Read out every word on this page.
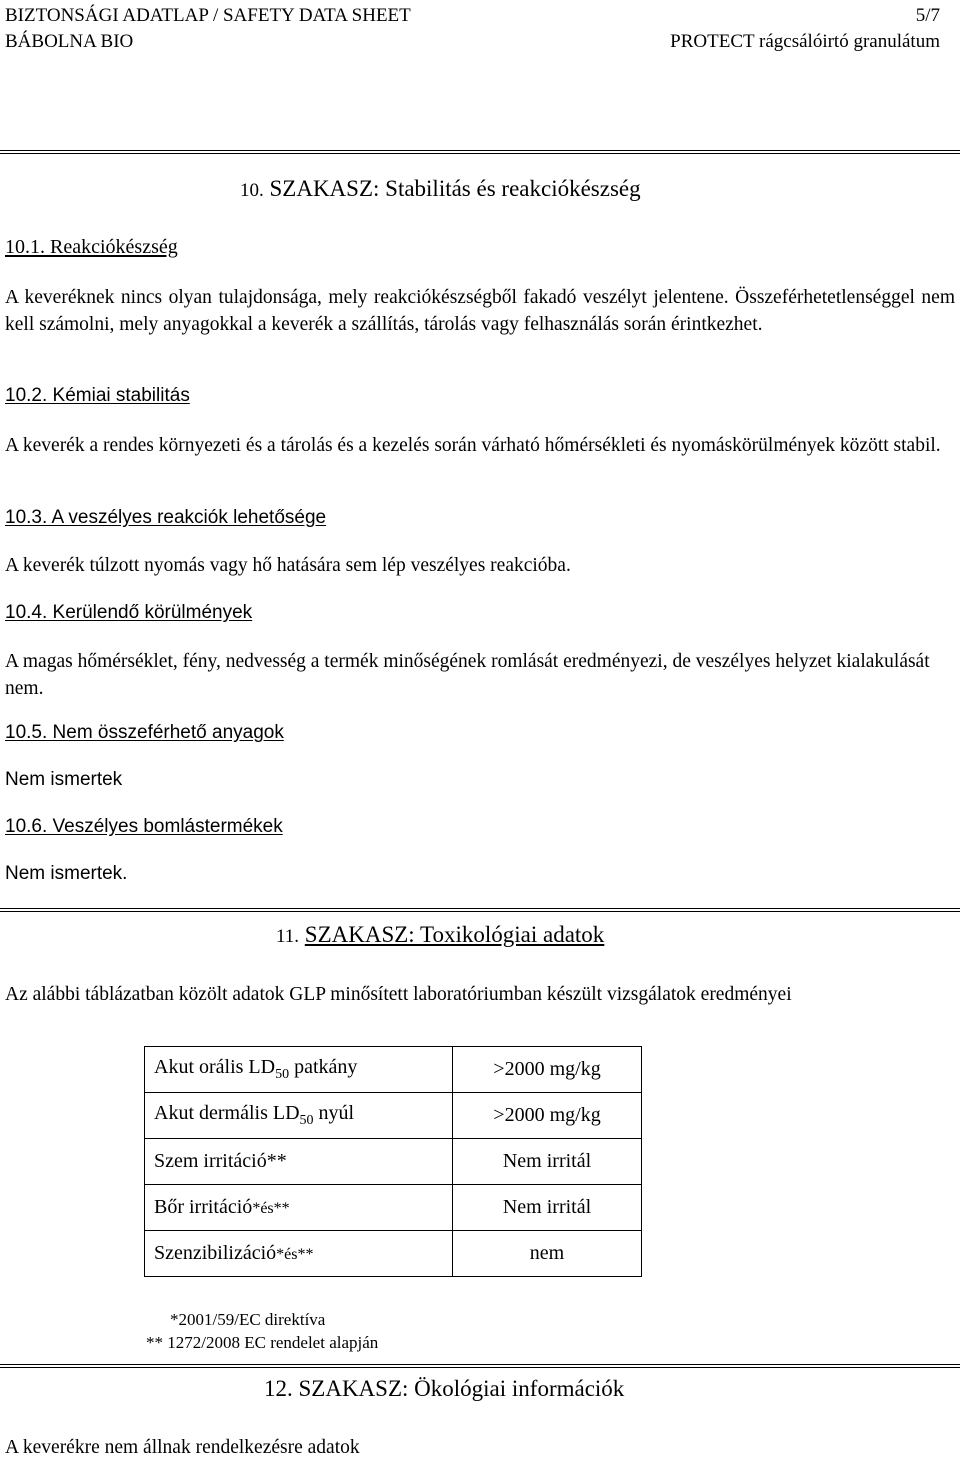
BIZTONSÁGI ADATLAP / SAFETY DATA SHEET	5/7
BÁBOLNA BIO	PROTECT rágcsálóirtó granulátum
10. SZAKASZ: Stabilitás és reakciókészség
10.1. Reakciókészség
A keveréknek nincs olyan tulajdonsága, mely reakciókészségből fakadó veszélyt jelentene. Összeférhetetlenséggel nem kell számolni, mely anyagokkal a keverék a szállítás, tárolás vagy felhasználás során érintkezhet.
10.2. Kémiai stabilitás
A keverék a rendes környezeti és a tárolás és a kezelés során várható hőmérsékleti és nyomáskörülmények között stabil.
10.3. A veszélyes reakciók lehetősége
A keverék túlzott nyomás vagy hő hatására sem lép veszélyes reakcióba.
10.4. Kerülendő körülmények
A magas hőmérséklet, fény, nedvesség a termék minőségének romlását eredményezi, de veszélyes helyzet kialakulását nem.
10.5. Nem összeférhető anyagok
Nem ismertek
10.6. Veszélyes bomlástermékek
Nem ismertek.
11. SZAKASZ: Toxikológiai adatok
Az alábbi táblázatban közölt adatok GLP minősített laboratóriumban készült vizsgálatok eredményei
Akut orális $LD_{50}$ patkány	>2000 mg/kg
Akut dermális $LD_{50}$ nyúl	>2000 mg/kg
Szem irritáció**	Nem irritál
Bőr irritáció*és**	Nem irritál
Szenzibilizáció*és**	nem
*2001/59/EC direktíva
** 1272/2008 EC rendelet alapján
12. SZAKASZ: Ökológiai információk
A keverékre nem állnak rendelkezésre adatok
